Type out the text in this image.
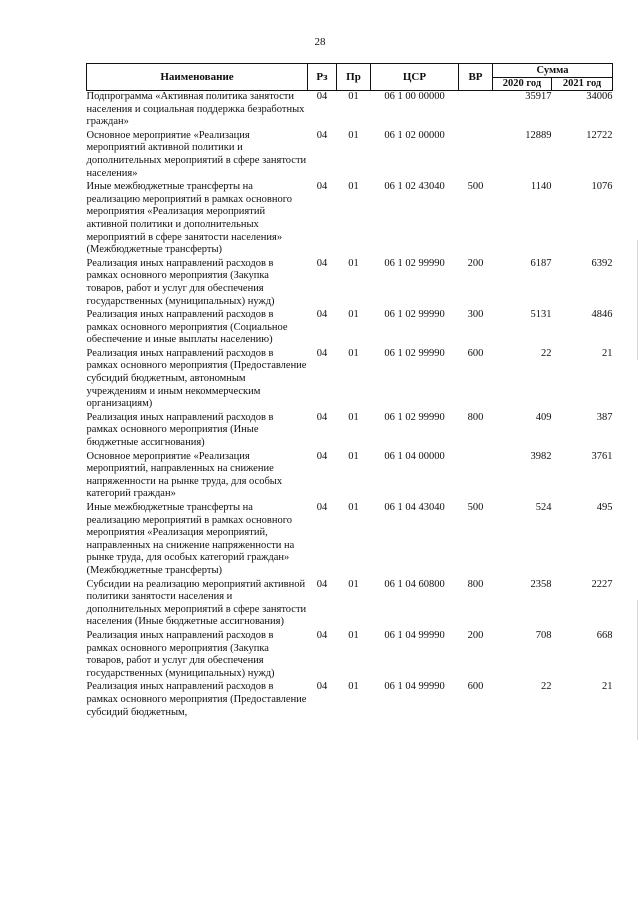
28
Наименование	Рз	Пр	ЦСР	ВР	Сумма	
					2020 год	2021 год
Подпрограмма «Активная политика занятости населения и социальная поддержка безработных граждан»	04	01	06 1 00 00000		35917	34006
Основное мероприятие «Реализация мероприятий активной политики и дополнительных мероприятий в сфере занятости населения»	04	01	06 1 02 00000		12889	12722
Иные межбюджетные трансферты на реализацию мероприятий в рамках основного мероприятия «Реализация мероприятий активной политики и дополнительных мероприятий в сфере занятости населения» (Межбюджетные трансферты)	04	01	06 1 02 43040	500	1140	1076
Реализация иных направлений расходов в рамках основного мероприятия (Закупка товаров, работ и услуг для обеспечения государственных (муниципальных) нужд)	04	01	06 1 02 99990	200	6187	6392
Реализация иных направлений расходов в рамках основного мероприятия (Социальное обеспечение и иные выплаты населению)	04	01	06 1 02 99990	300	5131	4846
Реализация иных направлений расходов в рамках основного мероприятия (Предоставление субсидий бюджетным, автономным учреждениям и иным некоммерческим организациям)	04	01	06 1 02 99990	600	22	21
Реализация иных направлений расходов в рамках основного мероприятия (Иные бюджетные ассигнования)	04	01	06 1 02 99990	800	409	387
Основное мероприятие «Реализация мероприятий, направленных на снижение напряженности на рынке труда, для особых категорий граждан»	04	01	06 1 04 00000		3982	3761
Иные межбюджетные трансферты на реализацию мероприятий в рамках основного мероприятия «Реализация мероприятий, направленных на снижение напряженности на рынке труда, для особых категорий граждан» (Межбюджетные трансферты)	04	01	06 1 04 43040	500	524	495
Субсидии на реализацию мероприятий активной политики занятости населения и дополнительных мероприятий в сфере занятости населения (Иные бюджетные ассигнования)	04	01	06 1 04 60800	800	2358	2227
Реализация иных направлений расходов в рамках основного мероприятия (Закупка товаров, работ и услуг для обеспечения государственных (муниципальных) нужд)	04	01	06 1 04 99990	200	708	668
Реализация иных направлений расходов в рамках основного мероприятия (Предоставление субсидий бюджетным,	04	01	06 1 04 99990	600	22	21
